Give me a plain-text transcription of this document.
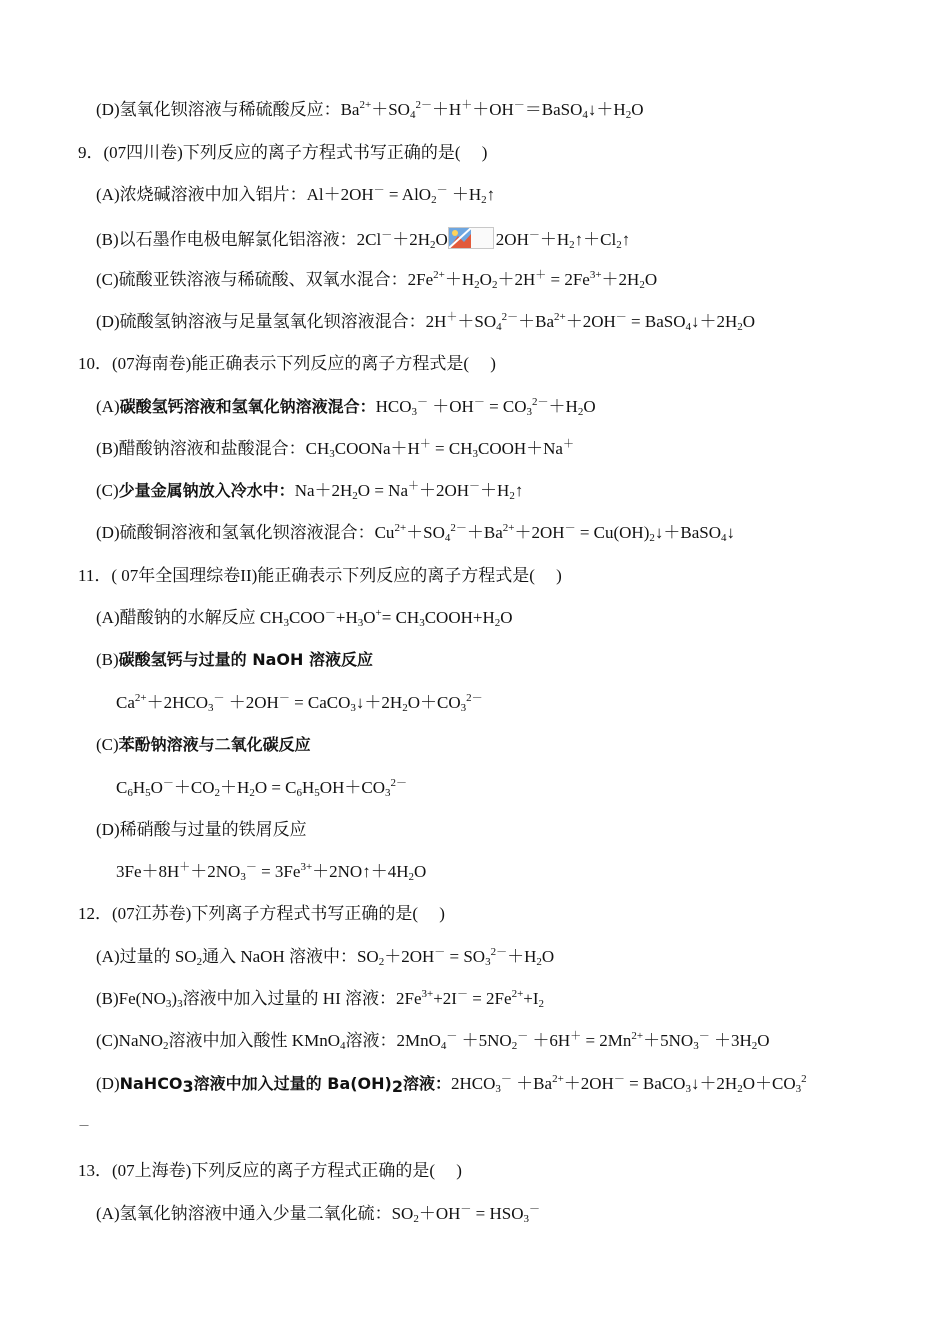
(D)氢氧化钡溶液与稀硫酸反应：$Ba^{2+}+SO_4^{2-}+H^++OH^-=BaSO_4↓+H_2O$
9．(07四川卷)下列反应的离子方程式书写正确的是(　 )
(A)浓烧碱溶液中加入铝片：$Al+2OH^- = AlO_2^- +H_2↑$
(B)以石墨作电极电解氯化铝溶液：$2Cl^-+2H_2O$	$2OH^-+H_2↑+Cl_2↑$
(C)硫酸亚铁溶液与稀硫酸、双氧水混合：$2Fe^{2+}+H_2O_2+2H^+ = 2Fe^{3+}+2H_2O$
(D)硫酸氢钠溶液与足量氢氧化钡溶液混合：$2H^++SO_4^{2-}+Ba^{2+}+2OH^-$ = $BaSO_4↓+2H_2O$
10．(07海南卷)能正确表示下列反应的离子方程式是(　 )
(A)碳酸氢钙溶液和氢氧化钠溶液混合：$HCO_3^- +OH^- = CO_3^{2-}+H_2O$
(B)醋酸钠溶液和盐酸混合：$CH_3COONa+H^+$ = $CH_3COOH+Na^+$
(C)少量金属钠放入冷水中：$Na+2H_2O$ = $Na^++2OH^-+H_2↑$
(D)硫酸铜溶液和氢氧化钡溶液混合：$Cu^{2+}+SO_4^{2-}+Ba^{2+}+2OH^-$ = $Cu(OH)_2↓+BaSO_4↓$
11．( 07年全国理综卷II)能正确表示下列反应的离子方程式是(　 )
(A)醋酸钠的水解反应 $CH_3COO^-+H_3O^+=$ $CH_3COOH+H_2O$
(B)碳酸氢钙与过量的 NaOH 溶液反应
$Ca^{2+}+2HCO_3^- +2OH^-$ = $CaCO_3↓+2H_2O+CO_3^{2-}$
(C)苯酚钠溶液与二氧化碳反应
$C_6H_5O^-+CO_2+H_2O = C_6H_5OH+CO_3^{2-}$
(D)稀硝酸与过量的铁屑反应
$3Fe+8H^++2NO_3^-$ = $3Fe^{3+}+2NO↑+4H_2O$
12．(07江苏卷)下列离子方程式书写正确的是(　 )
(A)过量的 $SO_2$通入 NaOH 溶液中：$SO_2+2OH^- = SO_3^{2-}+H_2O$
$(B)Fe(NO_3)_3$溶液中加入过量的 HI 溶液：$2Fe^{3+}+2I^- = 2Fe^{2+}+I_2$
(C)NaNO$_2$溶液中加入酸性 KMnO$_4$溶液：$2MnO_4^- +5NO_2^- +6H^+ = 2Mn^{2+}+5NO_3^- +3H_2O$
(D)NaHCO$_3$溶液中加入过量的 $Ba(OH)_2$溶液：$2HCO_3^- +Ba^{2+}+2OH^-$ = $BaCO_3↓+2H_2O+CO_3^2$
－
13．(07上海卷)下列反应的离子方程式正确的是(　 )
(A)氢氧化钠溶液中通入少量二氧化硫：$SO_2+OH^- = HSO_3^-$
